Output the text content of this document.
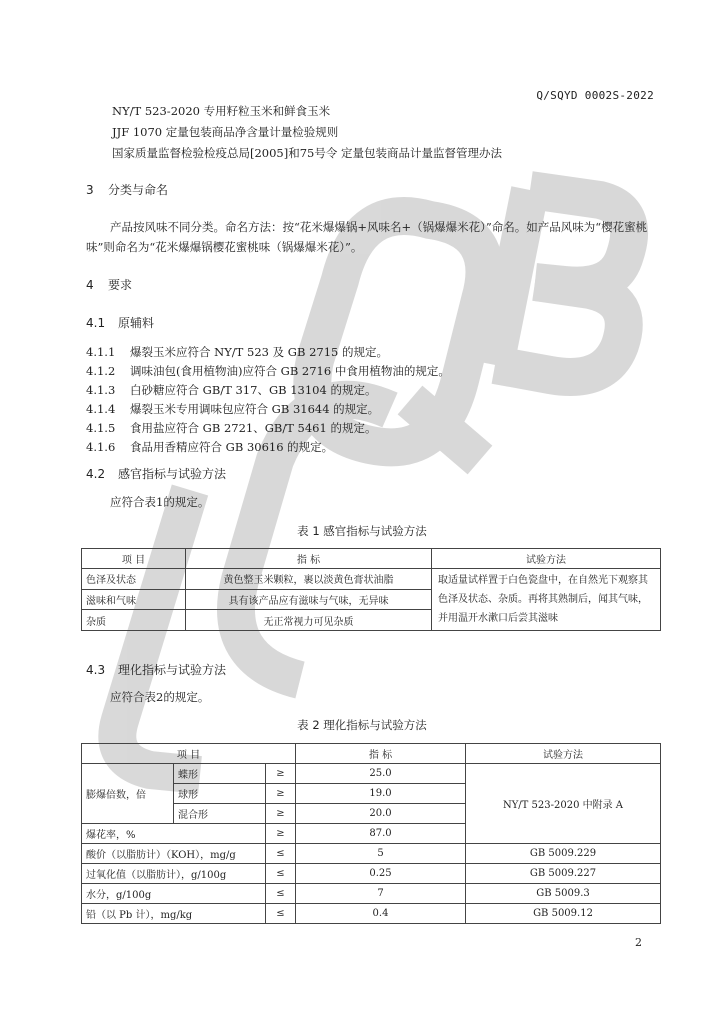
Q/SQYD 0002S-2022
NY/T 523-2020 专用籽粒玉米和鲜食玉米
JJF 1070 定量包装商品净含量计量检验规则
国家质量监督检验检疫总局[2005]和75号令 定量包装商品计量监督管理办法
3 分类与命名
产品按风味不同分类。命名方法：按“花米爆爆锅+风味名+（锅爆爆米花）”命名。如产品风味为“樱花蜜桃味”则命名为“花米爆爆锅樱花蜜桃味（锅爆爆米花）”。
4 要求
4.1 原辅料
4.1.1 爆裂玉米应符合 NY/T 523 及 GB 2715 的规定。
4.1.2 调味油包(食用植物油)应符合 GB 2716 中食用植物油的规定。
4.1.3 白砂糖应符合 GB/T 317、GB 13104 的规定。
4.1.4 爆裂玉米专用调味包应符合 GB 31644 的规定。
4.1.5 食用盐应符合 GB 2721、GB/T 5461 的规定。
4.1.6 食品用香精应符合 GB 30616 的规定。
4.2 感官指标与试验方法
应符合表1的规定。
表 1 感官指标与试验方法
项 目	指 标	试验方法
色泽及状态	黄色整玉米颗粒，裹以淡黄色膏状油脂	取适量试样置于白色瓷盘中，在自然光下观察其色泽及状态、杂质。再将其熟制后，闻其气味，并用温开水漱口后尝其滋味
滋味和气味	具有该产品应有滋味与气味，无异味	
杂质	无正常视力可见杂质	
4.3 理化指标与试验方法
应符合表2的规定。
表 2 理化指标与试验方法
项 目			指 标	试验方法
膨爆倍数，倍	蝶形	≥	25.0	NY/T 523-2020 中附录 A
	球形	≥	19.0	
	混合形	≥	20.0	
爆花率，%		≥	87.0	
酸价（以脂肪计）（KOH），mg/g		≤	5	GB 5009.229
过氧化值（以脂肪计），g/100g		≤	0.25	GB 5009.227
水分，g/100g		≤	7	GB 5009.3
铅（以 Pb 计），mg/kg		≤	0.4	GB 5009.12
2
